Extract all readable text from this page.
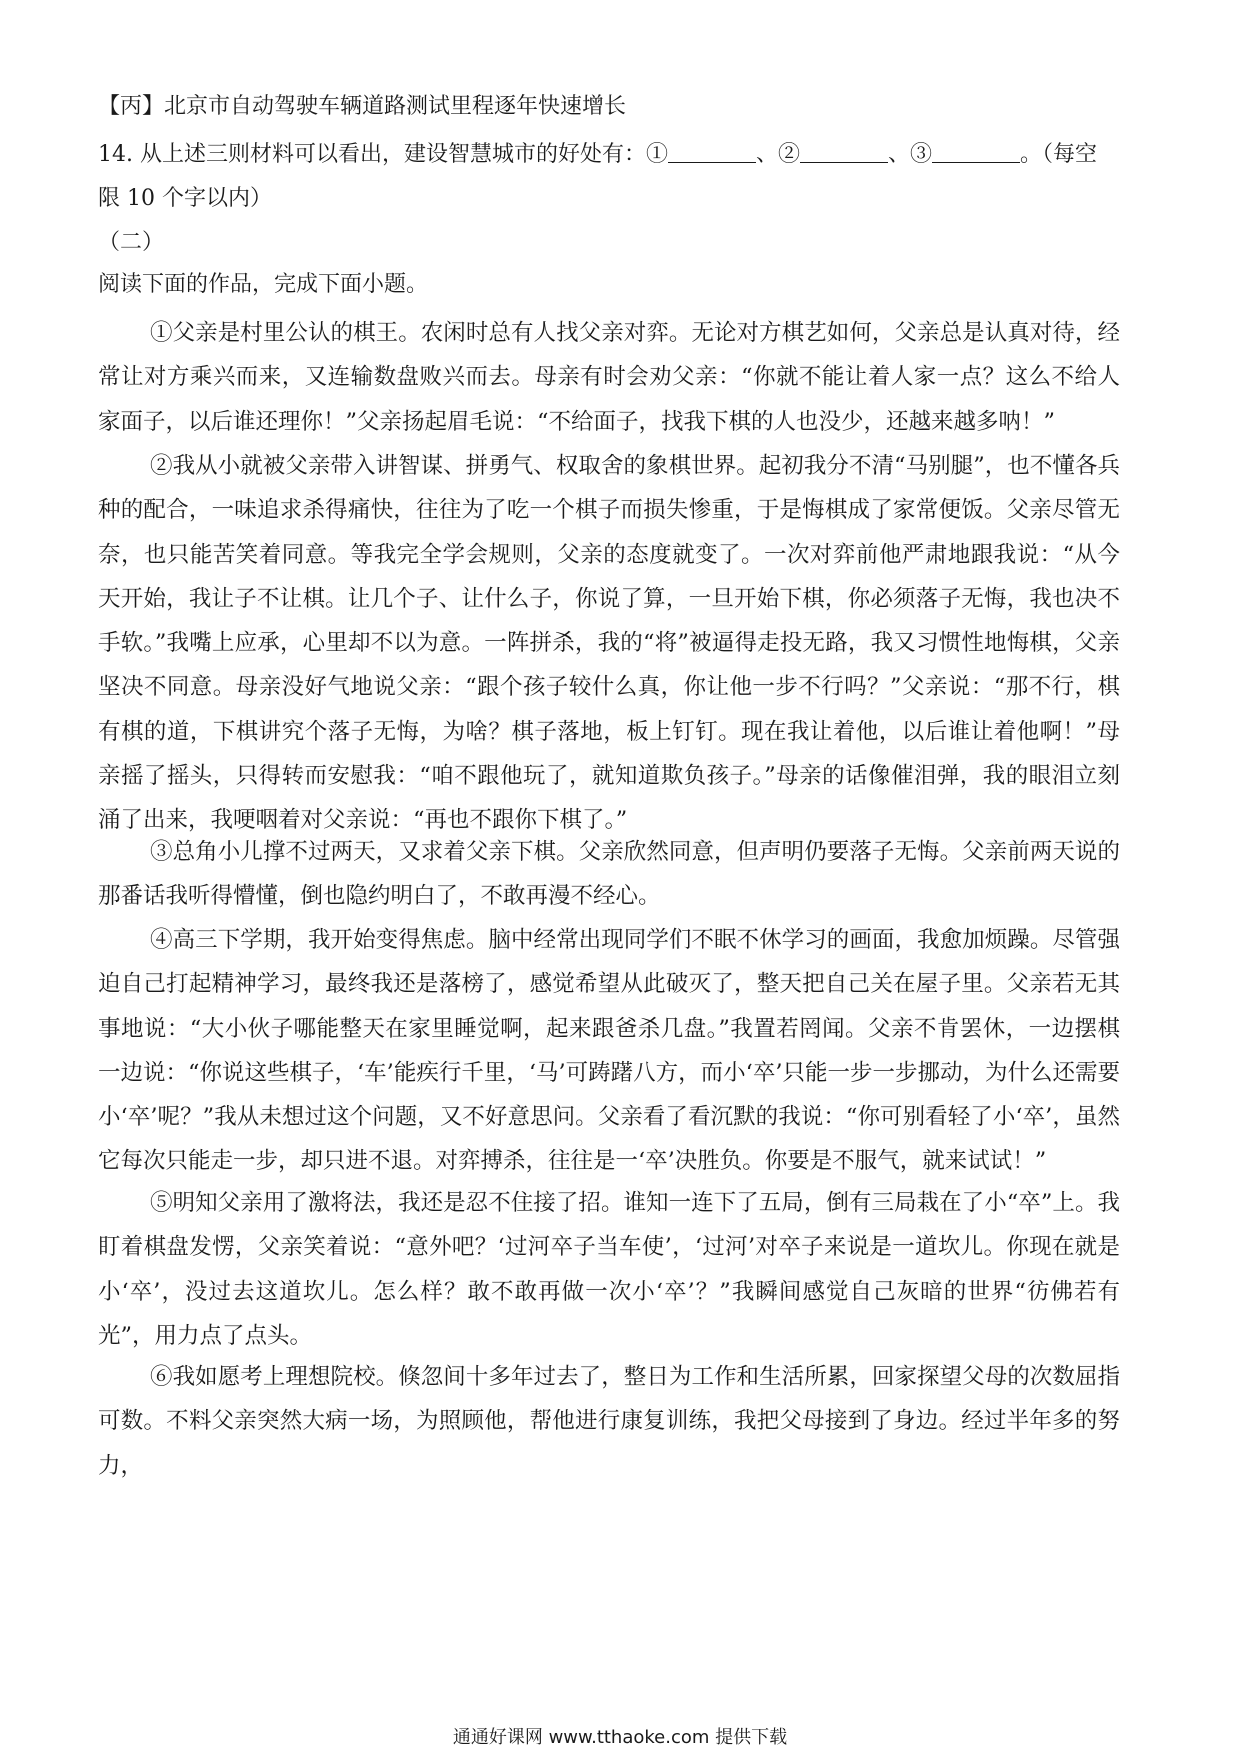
【丙】北京市自动驾驶车辆道路测试里程逐年快速增长
14. 从上述三则材料可以看出，建设智慧城市的好处有：①	、②	、③	。（每空
限 10 个字以内）
（二）
阅读下面的作品，完成下面小题。
①父亲是村里公认的棋王。农闲时总有人找父亲对弈。无论对方棋艺如何，父亲总是认真对待，经常让对方乘兴而来，又连输数盘败兴而去。母亲有时会劝父亲：“你就不能让着人家一点？这么不给人家面子，以后谁还理你！”父亲扬起眉毛说：“不给面子，找我下棋的人也没少，还越来越多呐！”
②我从小就被父亲带入讲智谋、拼勇气、权取舍的象棋世界。起初我分不清“马别腿”，也不懂各兵种的配合，一味追求杀得痛快，往往为了吃一个棋子而损失惨重，于是悔棋成了家常便饭。父亲尽管无奈，也只能苦笑着同意。等我完全学会规则，父亲的态度就变了。一次对弈前他严肃地跟我说：“从今天开始，我让子不让棋。让几个子、让什么子，你说了算，一旦开始下棋，你必须落子无悔，我也决不手软。”我嘴上应承，心里却不以为意。一阵拼杀，我的“将”被逼得走投无路，我又习惯性地悔棋，父亲坚决不同意。母亲没好气地说父亲：“跟个孩子较什么真，你让他一步不行吗？”父亲说：“那不行，棋有棋的道，下棋讲究个落子无悔，为啥？棋子落地，板上钉钉。现在我让着他，以后谁让着他啊！”母亲摇了摇头，只得转而安慰我：“咱不跟他玩了，就知道欺负孩子。”母亲的话像催泪弹，我的眼泪立刻涌了出来，我哽咽着对父亲说：“再也不跟你下棋了。”
③总角小儿撑不过两天，又求着父亲下棋。父亲欣然同意，但声明仍要落子无悔。父亲前两天说的那番话我听得懵懂，倒也隐约明白了，不敢再漫不经心。
④高三下学期，我开始变得焦虑。脑中经常出现同学们不眠不休学习的画面，我愈加烦躁。尽管强迫自己打起精神学习，最终我还是落榜了，感觉希望从此破灭了，整天把自己关在屋子里。父亲若无其事地说：“大小伙子哪能整天在家里睡觉啊，起来跟爸杀几盘。”我置若罔闻。父亲不肯罢休，一边摆棋一边说：“你说这些棋子，‘车’能疾行千里，‘马’可踌躇八方，而小‘卒’只能一步一步挪动，为什么还需要小‘卒’呢？”我从未想过这个问题，又不好意思问。父亲看了看沉默的我说：“你可别看轻了小‘卒’，虽然它每次只能走一步，却只进不退。对弈搏杀，往往是一‘卒’决胜负。你要是不服气，就来试试！”
⑤明知父亲用了激将法，我还是忍不住接了招。谁知一连下了五局，倒有三局栽在了小“卒”上。我盯着棋盘发愣，父亲笑着说：“意外吧？‘过河卒子当车使’，‘过河’对卒子来说是一道坎儿。你现在就是小‘卒’，没过去这道坎儿。怎么样？敢不敢再做一次小‘卒’？”我瞬间感觉自己灰暗的世界“彷佛若有光”，用力点了点头。
⑥我如愿考上理想院校。倏忽间十多年过去了，整日为工作和生活所累，回家探望父母的次数屈指可数。不料父亲突然大病一场，为照顾他，帮他进行康复训练，我把父母接到了身边。经过半年多的努力，
通通好课网 www.tthaoke.com 提供下载
